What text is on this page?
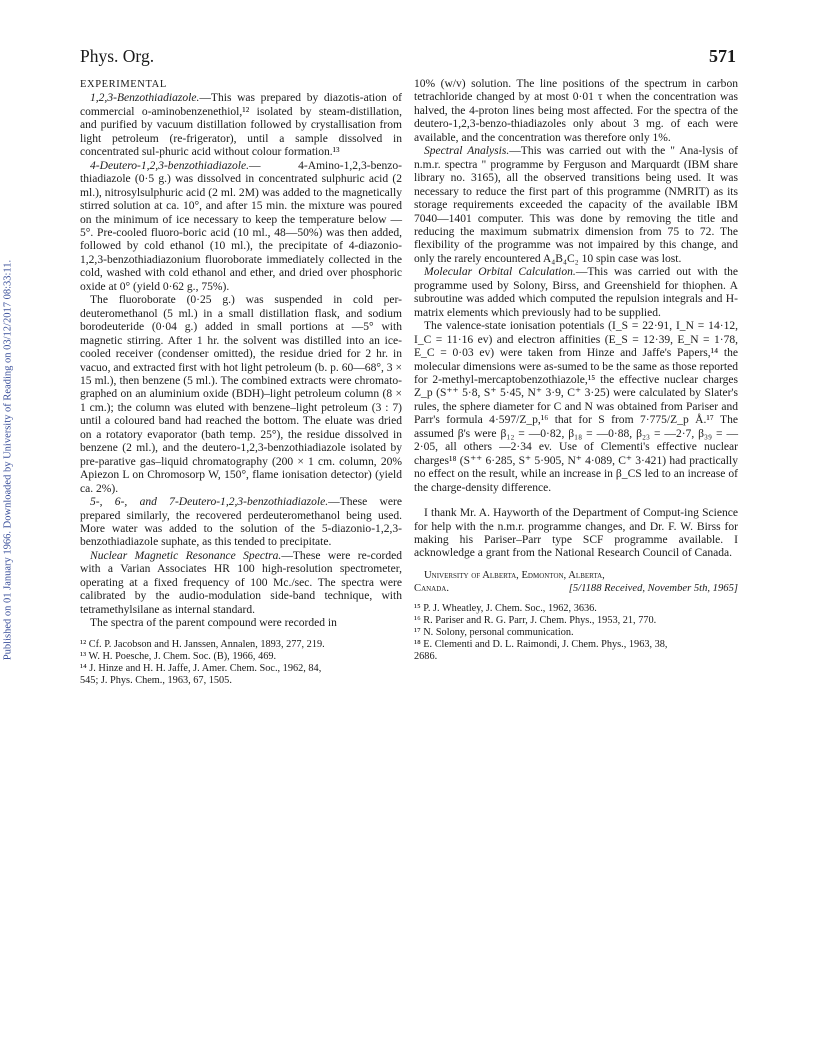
Published on 01 January 1966. Downloaded by University of Reading on 03/12/2017 08:33:11.
Phys. Org.	571
EXPERIMENTAL

1,2,3-Benzothiadiazole.—This was prepared by diazotis-ation of commercial o-aminobenzenethiol,¹² isolated by steam-distillation, and purified by vacuum distillation followed by crystallisation from light petroleum (re-frigerator), until a sample dissolved in concentrated sul-phuric acid without colour formation.¹³

4-Deutero-1,2,3-benzothiadiazole.— 4-Amino-1,2,3-benzo-thiadiazole (0·5 g.) was dissolved in concentrated sulphuric acid (2 ml.), nitrosylsulphuric acid (2 ml. 2M) was added to the magnetically stirred solution at ca. 10°, and after 15 min. the mixture was poured on the minimum of ice necessary to keep the temperature below —5°. Pre-cooled fluoro-boric acid (10 ml., 48—50%) was then added, followed by cold ethanol (10 ml.), the precipitate of 4-diazonio-1,2,3-benzothiadiazonium fluoroborate immediately collected in the cold, washed with cold ethanol and ether, and dried over phosphoric oxide at 0° (yield 0·62 g., 75%).

The fluoroborate (0·25 g.) was suspended in cold per-deuteromethanol (5 ml.) in a small distillation flask, and sodium borodeuteride (0·04 g.) added in small portions at —5° with magnetic stirring. After 1 hr. the solvent was distilled into an ice-cooled receiver (condenser omitted), the residue dried for 2 hr. in vacuo, and extracted first with hot light petroleum (b. p. 60—68°, 3 × 15 ml.), then benzene (5 ml.). The combined extracts were chromato-graphed on an aluminium oxide (BDH)–light petroleum column (8 × 1 cm.); the column was eluted with benzene–light petroleum (3 : 7) until a coloured band had reached the bottom. The eluate was dried on a rotatory evaporator (bath temp. 25°), the residue dissolved in benzene (2 ml.), and the deutero-1,2,3-benzothiadiazole isolated by pre-parative gas–liquid chromatography (200 × 1 cm. column, 20% Apiezon L on Chromosorp W, 150°, flame ionisation detector) (yield ca. 2%).

5-, 6-, and 7-Deutero-1,2,3-benzothiadiazole.—These were prepared similarly, the recovered perdeuteromethanol being used. More water was added to the solution of the 5-diazonio-1,2,3-benzothiadiazole suphate, as this tended to precipitate.

Nuclear Magnetic Resonance Spectra.—These were re-corded with a Varian Associates HR 100 high-resolution spectrometer, operating at a fixed frequency of 100 Mc./sec. The spectra were calibrated by the audio-modulation side-band technique, with tetramethylsilane as internal standard.

The spectra of the parent compound were recorded in

¹² Cf. P. Jacobson and H. Janssen, Annalen, 1893, 277, 219.
¹³ W. H. Poesche, J. Chem. Soc. (B), 1966, 469.
¹⁴ J. Hinze and H. H. Jaffe, J. Amer. Chem. Soc., 1962, 84,
545; J. Phys. Chem., 1963, 67, 1505.

10% (w/v) solution. The line positions of the spectrum in carbon tetrachloride changed by at most 0·01 τ when the concentration was halved, the 4-proton lines being most affected. For the spectra of the deutero-1,2,3-benzo-thiadiazoles only about 3 mg. of each were available, and the concentration was therefore only 1%.

Spectral Analysis.—This was carried out with the " Ana-lysis of n.m.r. spectra " programme by Ferguson and Marquardt (IBM share library no. 3165), all the observed transitions being used. It was necessary to reduce the first part of this programme (NMRIT) as its storage requirements exceeded the capacity of the available IBM 7040—1401 computer. This was done by removing the title and reducing the maximum submatrix dimension from 75 to 72. The flexibility of the programme was not impaired by this change, and only the rarely encountered A₄B₄C₂ 10 spin case was lost.

Molecular Orbital Calculation.—This was carried out with the programme used by Solony, Birss, and Greenshield for thiophen. A subroutine was added which computed the repulsion integrals and H-matrix elements which previously had to be supplied.

The valence-state ionisation potentials (I_S = 22·91, I_N = 14·12, I_C = 11·16 ev) and electron affinities (E_S = 12·39, E_N = 1·78, E_C = 0·03 ev) were taken from Hinze and Jaffe's Papers,¹⁴ the molecular dimensions were as-sumed to be the same as those reported for 2-methyl-mercaptobenzothiazole,¹⁵ the effective nuclear charges Z_p (S⁺⁺ 5·8, S⁺ 5·45, N⁺ 3·9, C⁺ 3·25) were calculated by Slater's rules, the sphere diameter for C and N was obtained from Pariser and Parr's formula 4·597/Z_p,¹⁶ that for S from 7·775/Z_p Å.¹⁷ The assumed β's were β₁₂ = —0·82, β₁₈ = —0·88, β₂₃ = —2·7, β₃₉ = —2·05, all others —2·34 ev. Use of Clementi's effective nuclear charges¹⁸ (S⁺⁺ 6·285, S⁺ 5·905, N⁺ 4·089, C⁺ 3·421) had practically no effect on the result, while an increase in β_CS led to an increase of the charge-density difference.

I thank Mr. A. Hayworth of the Department of Comput-ing Science for help with the n.m.r. programme changes, and Dr. F. W. Birss for making his Pariser–Parr type SCF programme available. I acknowledge a grant from the National Research Council of Canada.

University of Alberta, Edmonton, Alberta,
Canada.	[5/1188 Received, November 5th, 1965]
¹⁵ P. J. Wheatley, J. Chem. Soc., 1962, 3636.
¹⁶ R. Pariser and R. G. Parr, J. Chem. Phys., 1953, 21, 770.
¹⁷ N. Solony, personal communication.
¹⁸ E. Clementi and D. L. Raimondi, J. Chem. Phys., 1963, 38,
2686.
